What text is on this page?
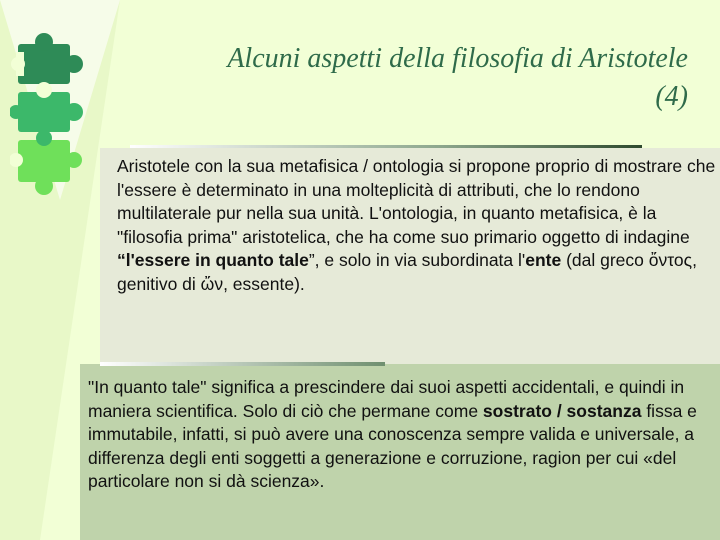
Alcuni aspetti della filosofia di Aristotele
(4)
Aristotele con la sua metafisica / ontologia si propone proprio di mostrare che l'essere è determinato in una molteplicità di attributi, che lo rendono multilaterale pur nella sua unità. L'ontologia, in quanto metafisica, è la "filosofia prima" aristotelica, che ha come suo primario oggetto di indagine “l'essere in quanto tale”, e solo in via subordinata l'ente (dal greco ὄντος, genitivo di ὤν, essente).
"In quanto tale" significa a prescindere dai suoi aspetti accidentali, e quindi in maniera scientifica. Solo di ciò che permane come sostrato / sostanza fissa e immutabile, infatti, si può avere una conoscenza sempre valida e universale, a differenza degli enti soggetti a generazione e corruzione, ragion per cui «del particolare non si dà scienza».
